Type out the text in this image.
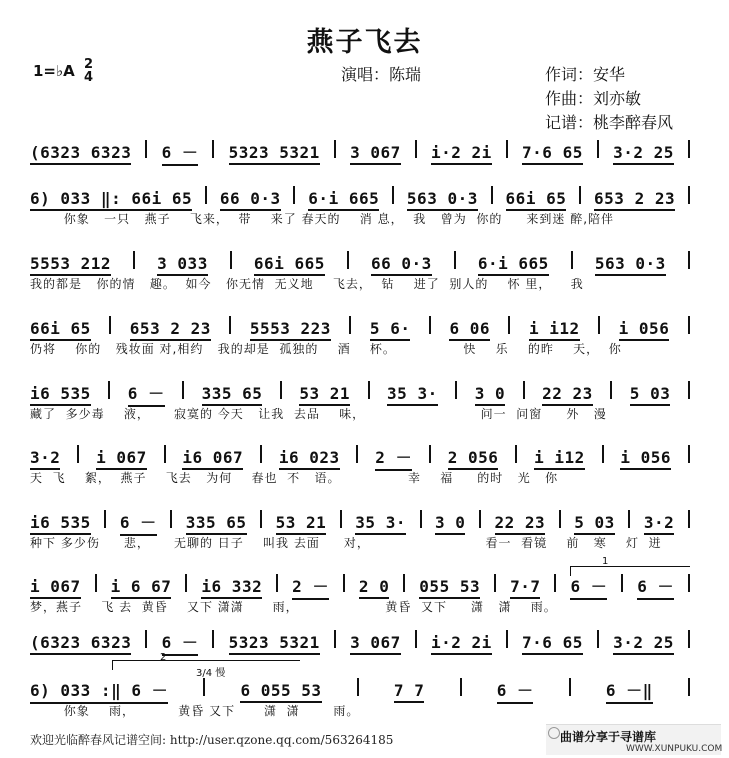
燕子飞去
1=♭A 2
4	演唱：陈瑞	作词：安华
作曲：刘亦敏
记谱：桃李醉春风
(6323 6323 6 － 5323 5321 3 067 i·2 2i 7·6 65 3·2 25
6) 033 ‖: 66i 65 66 0·3 6·i 665 563 0·3 66i 65 653 2 23
你象   一只   燕子    飞来，  带    来了 春天的    消 息，  我   曾为  你的     来到迷 醉,陪伴
5553 212	3 033	66i 665	66 0·3	6·i 665	563 0·3
我的都是   你的情   趣。  如今   你无情  无义地    飞去，  钻    进了  别人的    怀 里，    我
66i 65 653 2 23 5553 223 5 6· 6 06 i i12 i 056
仍将    你的   残妆面 对,相约   我的却是  孤独的    酒    杯。              快    乐    的昨    天，  你
i6 535 6 － 335 65 53 21 35 3· 3 0 22 23 5 03
藏了  多少毒    液，     寂寞的 今天   让我  去品    味，                        问一  问窗     外   漫
3·2 i 067 i6 067 i6 023 2 － 2 056 i i12 i 056
天  飞    絮，  燕子    飞去   为何    春也  不   语。              幸    福     的时   光   你
i6 535 6 － 335 65 53 21 35 3· 3 0 22 23 5 03 3·2
种下 多少伤     悲，     无聊的 日子    叫我 去面     对，                        看一  看镜    前   寒    灯  迸
i 067 i 6 67 i6 332 2 － 2 0 055 53 7·7 6 － 6 －
梦，燕子    飞 去  黄昏    又下 潇潇      雨，                  黄昏  又下     潇   潇    雨。
(6323 6323 6 － 5323 5321 3 067 i·2 2i 7·6 65 3·2 25
6) 033 :‖ 6 －	6 055 53	7 7	6 －	6 －‖
你象    雨，         黄昏 又下      潇  潇       雨。
1
2
3/4 慢
欢迎光临醉春风记谱空间: http://user.qzone.qq.com/563264185	曲谱分享于寻谱库
WWW.XUNPUKU.COM
